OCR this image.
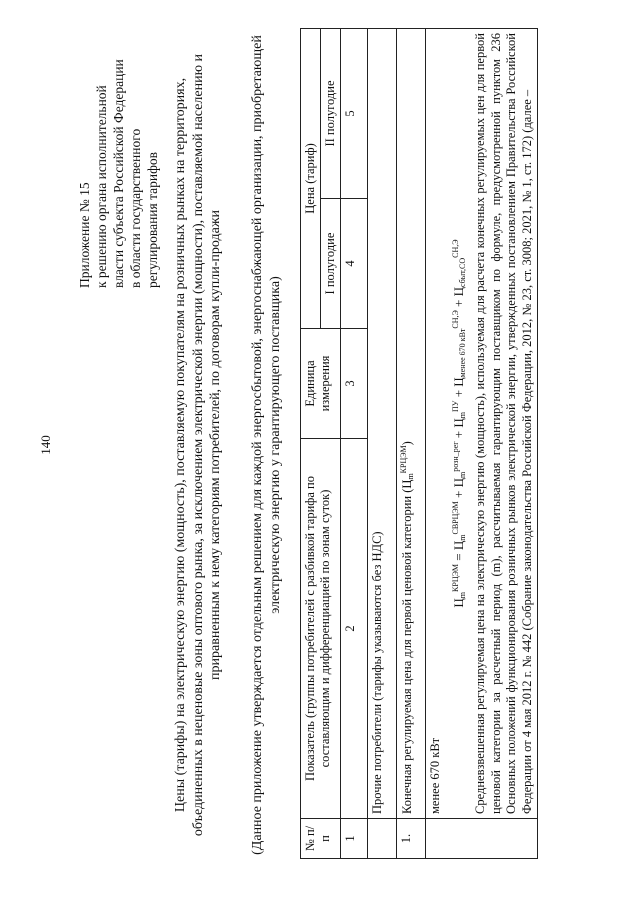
140
Приложение № 15 к решению органа исполнительной власти субъекта Российской Федерации в области государственного регулирования тарифов Цены (тарифы) на электрическую энергию (мощность), поставляемую покупателям на розничных рынках на территориях, объединенных в неценовые зоны оптового рынка, за исключением электрической энергии (мощности), поставляемой населению и приравненным к нему категориям потребителей, по договорам купли-продажи (Данное приложение утверждается отдельным решением для каждой энергосбытовой, энергоснабжающей организации, приобретающей электрическую энергию у гарантирующего поставщика)
№ п/п	Показатель (группы потребителей с разбивкой тарифа по составляющим и дифференциацией по зонам суток)	Единица измерения	Цена (тариф)	
			I полугодие	II полугодие
1	2	3	4	5
	Прочие потребители (тарифы указываются без НДС)			
1.	Конечная регулируемая цена для первой ценовой категории $(Ц_m^{КРЦЭМ})$			

	менее 670 кВт
$Ц_m^{КРЦЭМ} = Ц_m^{СВРЦЭМ} + Ц_m^{розн\_рег} + Ц_m^{ПУ} + Ц_{менее 670 кВт}^{СН,Э} + Ц_{сбыт,СО}^{СН,Э}$ Средневзвешенная регулируемая цена на электрическую энергию (мощность), используемая для расчета конечных регулируемых цен для первой ценовой категории за расчетный период (m), рассчитываемая гарантирующим поставщиком по формуле, предусмотренной пунктом 236 Основных положений функционирования розничных рынков электрической энергии, утвержденных постановлением Правительства Российской Федерации от 4 мая 2012 г. № 442 (Собрание законодательства Российской Федерации, 2012, № 23, ст. 3008; 2021, № 1, ст. 172) (далее –			
